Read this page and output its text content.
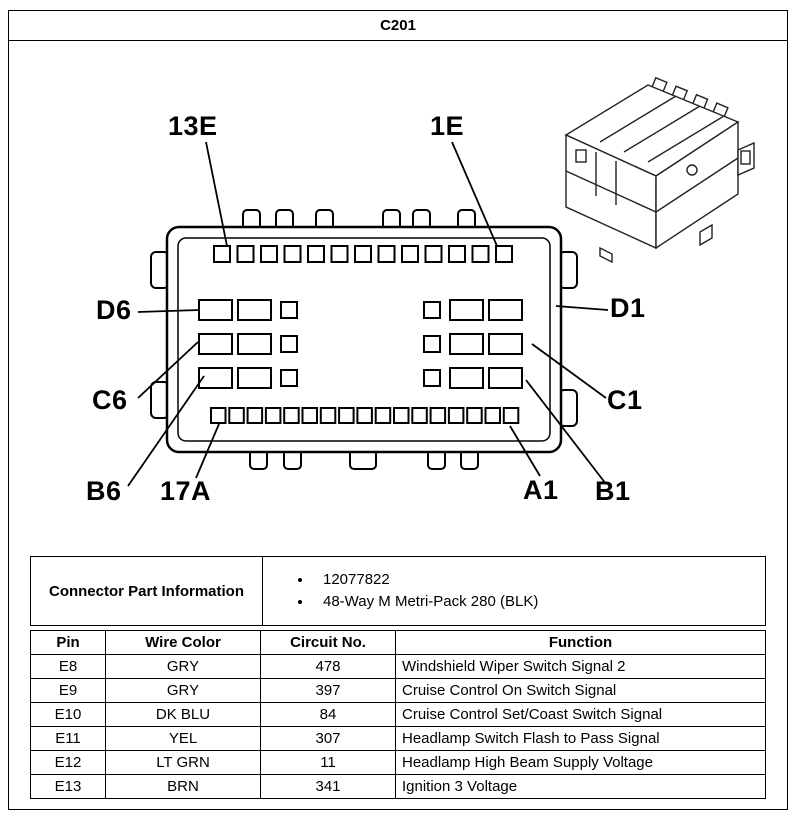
C201
13E	1E
D6	D1
C6	C1
B6 17A	A1 B1
Connector Part Information
• 12077822
• 48-Way M Metri-Pack 280 (BLK)
Pin	Wire Color	Circuit No.	Function
E8	GRY	478	Windshield Wiper Switch Signal 2
E9	GRY	397	Cruise Control On Switch Signal
E10	DK BLU	84	Cruise Control Set/Coast Switch Signal
E11	YEL	307	Headlamp Switch Flash to Pass Signal
E12	LT GRN	11	Headlamp High Beam Supply Voltage
E13	BRN	341	Ignition 3 Voltage
